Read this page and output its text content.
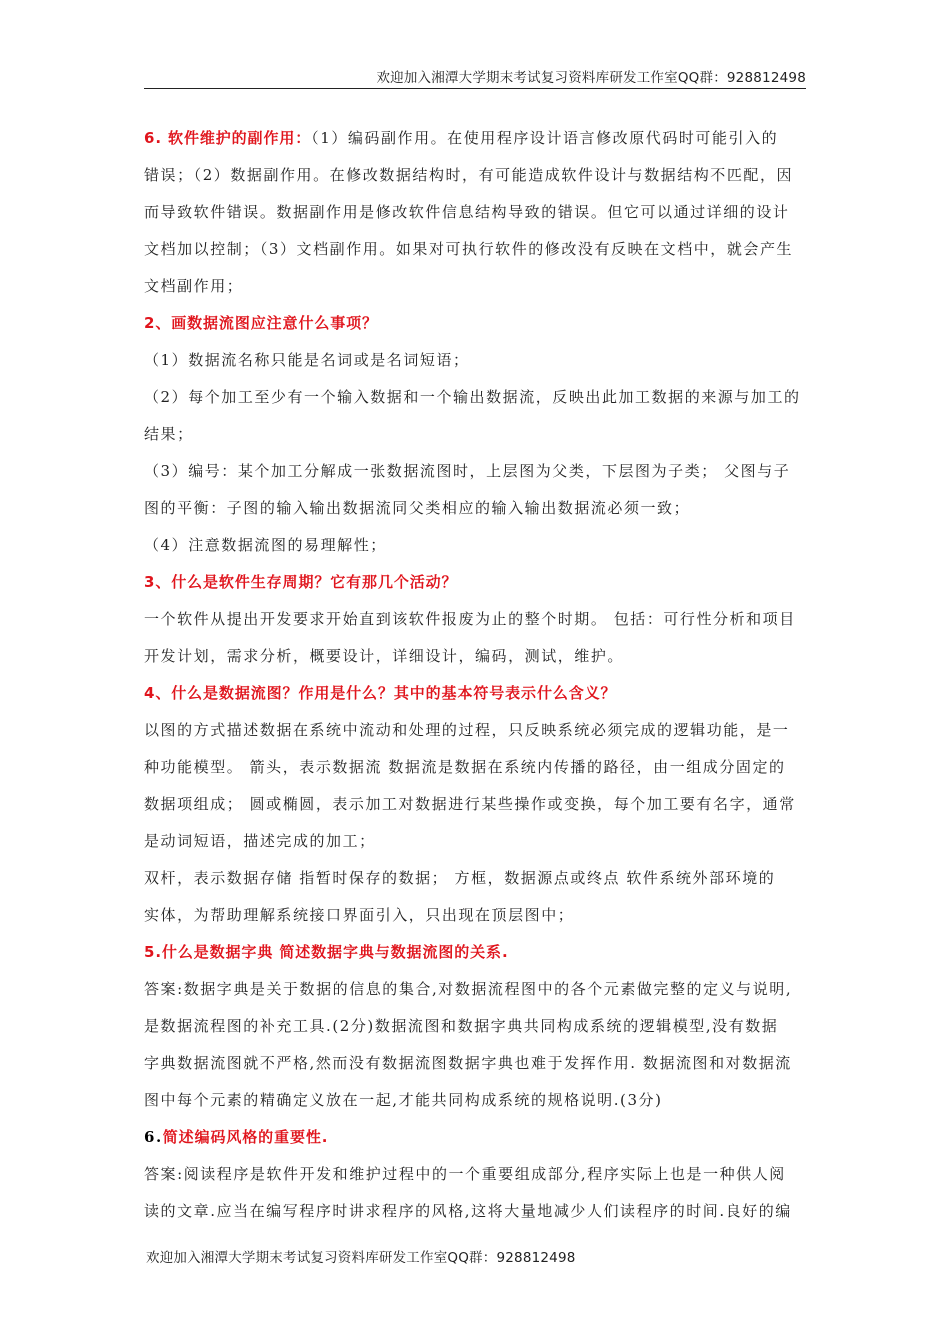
欢迎加入湘潭大学期末考试复习资料库研发工作室QQ群：928812498
6. 软件维护的副作用：（1）编码副作用。在使用程序设计语言修改原代码时可能引入的
错误；（2）数据副作用。在修改数据结构时，有可能造成软件设计与数据结构不匹配，因
而导致软件错误。数据副作用是修改软件信息结构导致的错误。但它可以通过详细的设计
文档加以控制；（3）文档副作用。如果对可执行软件的修改没有反映在文档中，就会产生
文档副作用；
2、画数据流图应注意什么事项？
（1）数据流名称只能是名词或是名词短语；
（2）每个加工至少有一个输入数据和一个输出数据流，反映出此加工数据的来源与加工的
结果；
（3）编号：某个加工分解成一张数据流图时，上层图为父类，下层图为子类； 父图与子
图的平衡：子图的输入输出数据流同父类相应的输入输出数据流必须一致；
（4）注意数据流图的易理解性；
3、什么是软件生存周期？它有那几个活动？
一个软件从提出开发要求开始直到该软件报废为止的整个时期。 包括：可行性分析和项目
开发计划，需求分析，概要设计，详细设计，编码，测试，维护。
4、什么是数据流图？作用是什么？其中的基本符号表示什么含义？
以图的方式描述数据在系统中流动和处理的过程，只反映系统必须完成的逻辑功能，是一
种功能模型。 箭头，表示数据流 数据流是数据在系统内传播的路径，由一组成分固定的
数据项组成； 圆或椭圆，表示加工对数据进行某些操作或变换，每个加工要有名字，通常
是动词短语，描述完成的加工；
双杆，表示数据存储 指暂时保存的数据； 方框，数据源点或终点 软件系统外部环境的
实体，为帮助理解系统接口界面引入，只出现在顶层图中；
5.什么是数据字典 简述数据字典与数据流图的关系.
答案:数据字典是关于数据的信息的集合,对数据流程图中的各个元素做完整的定义与说明,
是数据流程图的补充工具.(2分)数据流图和数据字典共同构成系统的逻辑模型,没有数据
字典数据流图就不严格,然而没有数据流图数据字典也难于发挥作用. 数据流图和对数据流
图中每个元素的精确定义放在一起,才能共同构成系统的规格说明.(3分)
6.简述编码风格的重要性.
答案:阅读程序是软件开发和维护过程中的一个重要组成部分,程序实际上也是一种供人阅
读的文章.应当在编写程序时讲求程序的风格,这将大量地减少人们读程序的时间.良好的编
欢迎加入湘潭大学期末考试复习资料库研发工作室QQ群：928812498
